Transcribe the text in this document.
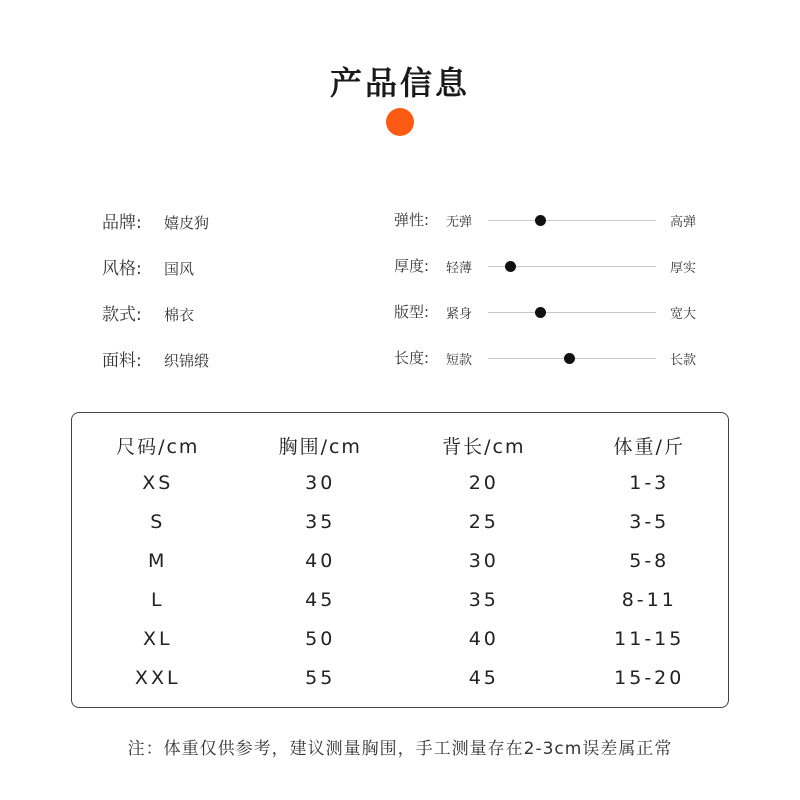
产品信息
品牌:	嬉皮狗
风格:	国风
款式:	棉衣
面料:	织锦缎
弹性: 无弹	高弹
厚度: 轻薄	厚实
版型: 紧身	宽大
长度: 短款	长款
尺码/cm	胸围/cm	背长/cm	体重/斤
XS	30	20	1-3
S	35	25	3-5
M	40	30	5-8
L	45	35	8-11
XL	50	40	11-15
XXL	55	45	15-20
注：体重仅供参考，建议测量胸围，手工测量存在2-3cm误差属正常
